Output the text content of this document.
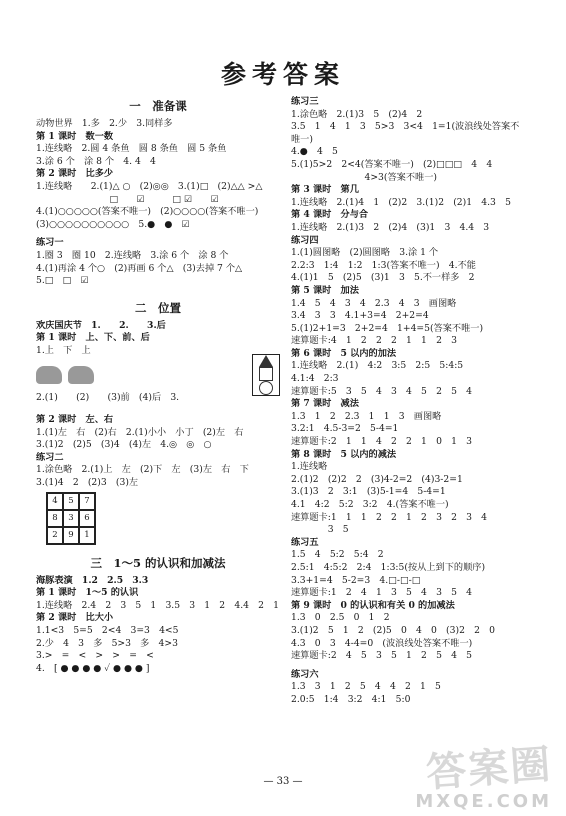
参考答案
一　准备课
动物世界　1.多　2.少　3.同样多
第 1 课时　数一数
1.连线略　2.圆 4 条鱼　圆 8 条鱼　圆 5 条鱼
3.涂 6 个　涂 8 个　4. 4　4
第 2 课时　比多少
1.连线略　　2.(1)△ ○　(2)◎◎　3.(1)□　(2)△△ >△
　　　　　　　　□　　☑　　　□ ☑　　☑
4.(1)○○○○○(答案不唯一)　(2)○○○○(答案不唯一)
(3)○○○○○○○○○○　5.●　●　☑
练习一
1.圈 3　圈 10　2.连线略　3.涂 6 个　涂 8 个
4.(1)再涂 4 个○　(2)再画 6 个△　(3)去掉 7 个△
5.□　□　☑
二　位置
欢庆国庆节　1.　　2.　　3.后
第 1 课时　上、下、前、后
1.上　下　上
2.(1)　　(2)　　(3)前　(4)后　3.
第 2 课时　左、右
1.(1)左　右　(2)右　2.(1)小小　小丁　(2)左　右
3.(1)2　(2)5　(3)4　(4)左　4.◎　◎　○
练习二
1.涂色略　2.(1)上　左　(2)下　左　(3)左　右　下
3.(1)4　2　(2)3　(3)左
4	5	7
8	3	6
2	9	1
三　1～5 的认识和加减法
海豚表演　1.2　2.5　3.3
第 1 课时　1～5 的认识
1.连线略　2.4　2　3　5　1　3.5　3　1　2　4.4　2　1
第 2 课时　比大小
1.1<3　5=5　2<4　3=3　4<5
2.少　4　3　多　5>3　多　4>3
3.>　=　<　>　>　=　<
4.　[ ● ● ● ● ✓ ● ● ● ]
练习三
1.涂色略　2.(1)3　5　(2)4　2
3.5　1　4　1　3　5>3　3<4　1=1(波浪线处答案不
唯一)
4.●　4　5
5.(1)5>2　2<4(答案不唯一)　(2)□□□　4　4
　　　　　　　　4>3(答案不唯一)
第 3 课时　第几
1.连线略　2.(1)4　1　(2)2　3.(1)2　(2)1　4.3　5
第 4 课时　分与合
1.连线略　2.(1)3　2　(2)4　(3)1　3　4.4　3
练习四
1.(1)圆图略　(2)圆图略　3.涂 1 个
2.2:3　1:4　1:2　1:3(答案不唯一)　4.不能
4.(1)1　5　(2)5　(3)1　3　5.不一样多　2
第 5 课时　加法
1.4　5　4　3　4　2.3　4　3　画图略
3.4　3　3　4.1+3=4　2+2=4
5.(1)2+1=3　2+2=4　1+4=5(答案不唯一)
速算题卡:4　1　2　2　2　1　1　2　3
第 6 课时　5 以内的加法
1.连线略　2.(1)　4:2　3:5　2:5　5:4:5
4.1:4　2:3
速算题卡:5　3　5　4　3　4　5　2　5　4
第 7 课时　减法
1.3　1　2　2.3　1　1　3　画图略
3.2:1　4.5-3=2　5-4=1
速算题卡:2　1　1　4　2　2　1　0　1　3
第 8 课时　5 以内的减法
1.连线略
2.(1)2　(2)2　2　(3)4-2=2　(4)3-2=1
3.(1)3　2　3:1　(3)5-1=4　5-4=1
4.1　4:2　5:2　3:2　4.(答案不唯一)
速算题卡:1　1　1　2　2　1　2　3　2　3　4
　　　　3　5
练习五
1.5　4　5:2　5:4　2
2.5:1　4:5:2　2:4　1:3:5(按从上到下的顺序)
3.3+1=4　5-2=3　4.□-□-□
速算题卡:1　2　4　1　3　5　4　3　5　4
第 9 课时　0 的认识和有关 0 的加减法
1.3　0　2.5　0　1　2
3.(1)2　5　1　2　(2)5　0　4　0　(3)2　2　0
4.3　0　3　4-4=0　(波浪线处答案不唯一)
速算题卡:2　4　5　3　5　1　2　5　4　5
练习六
1.3　3　1　2　5　4　4　2　1　5
2.0:5　1:4　3:2　4:1　5:0
— 33 —	答案圈
MXQE.COM
